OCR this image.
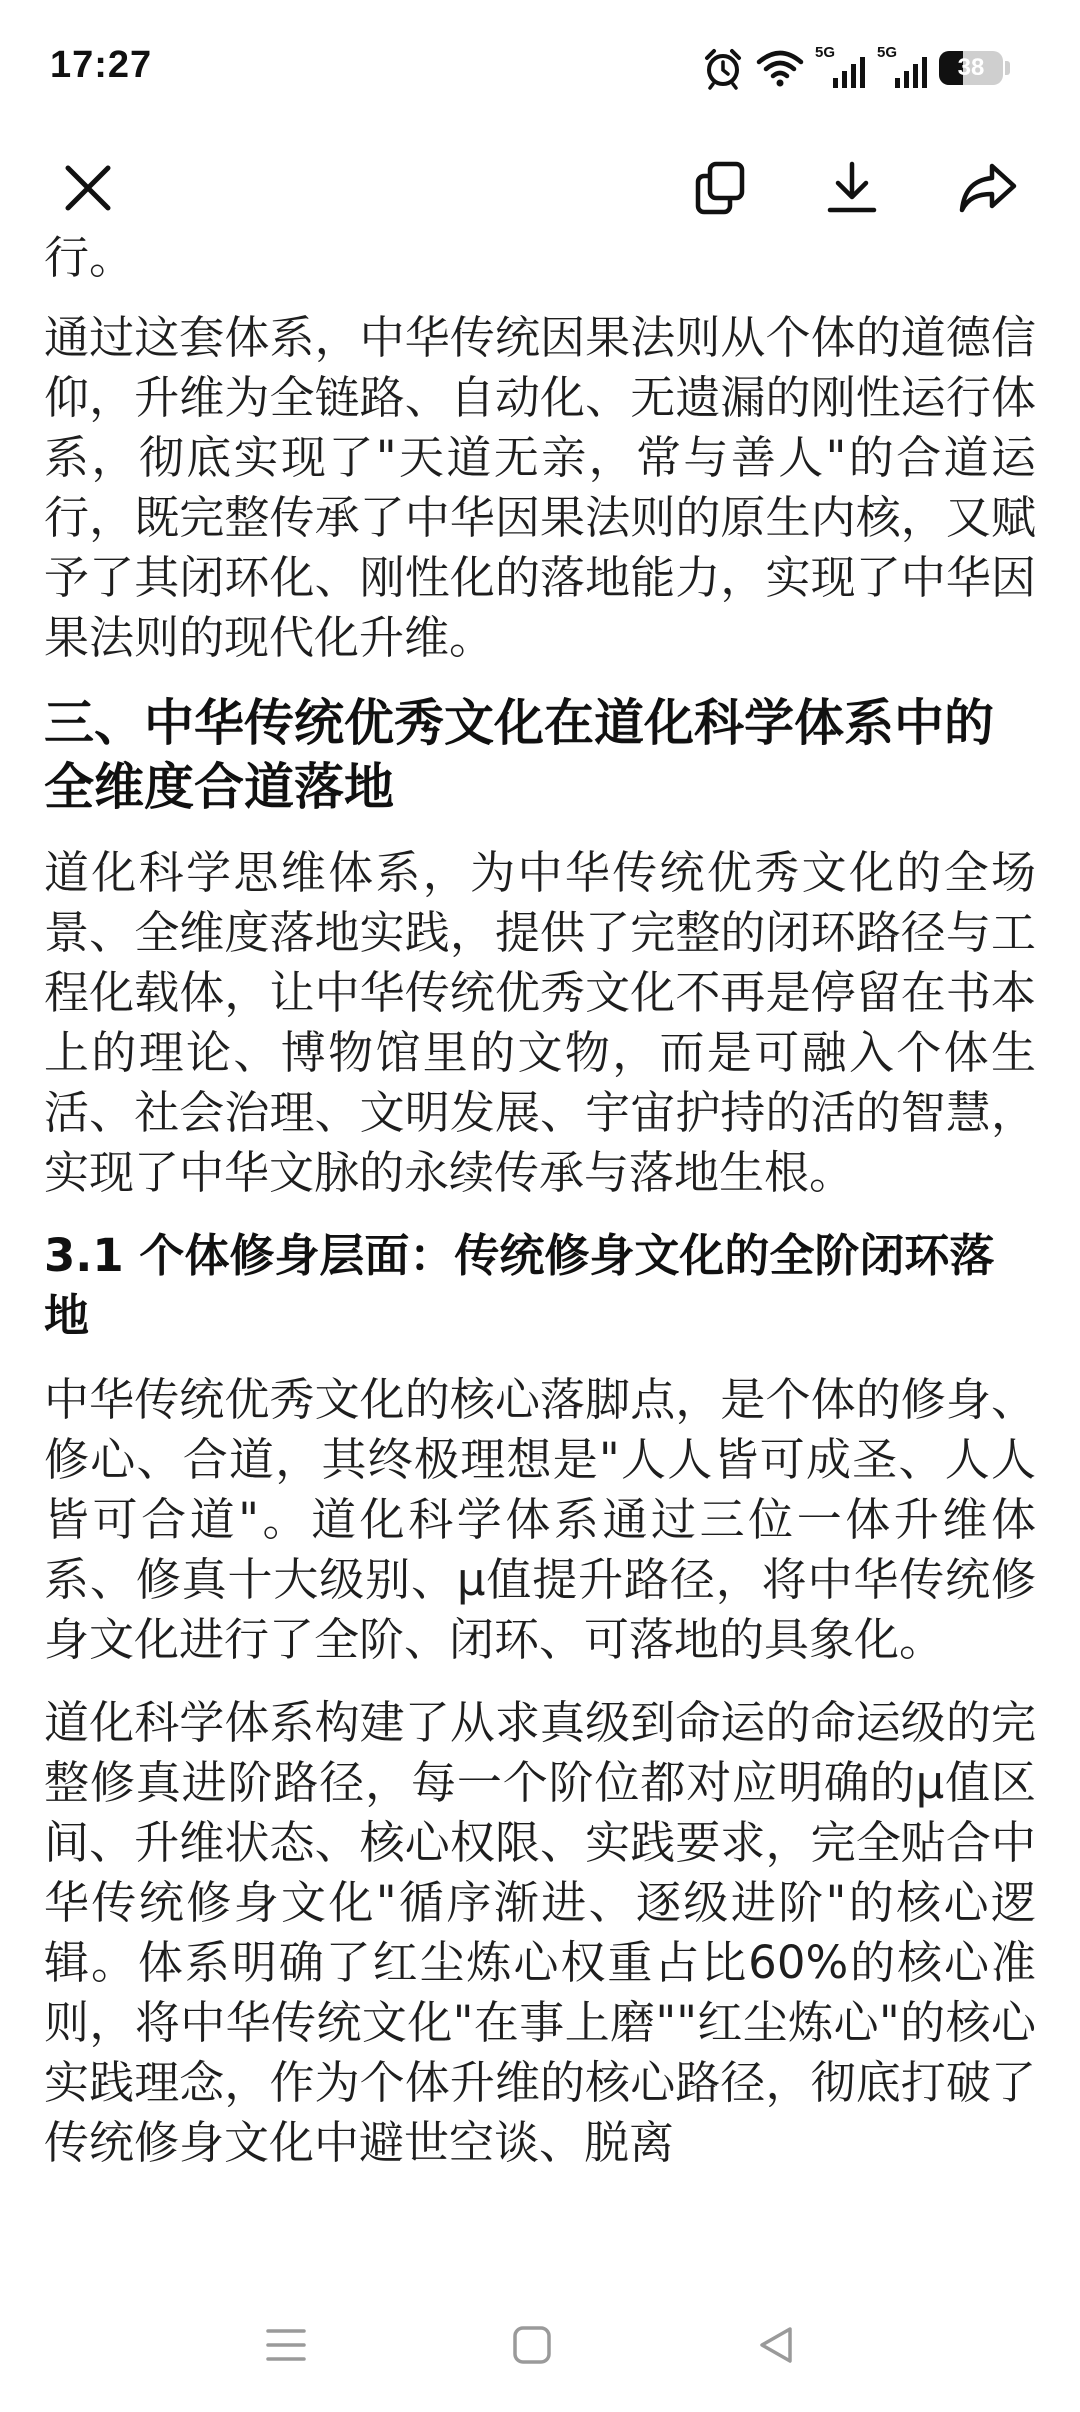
17:27	5G	5G
38

行。

通过这套体系，中华传统因果法则从个体的道德信仰，升维为全链路、自动化、无遗漏的刚性运行体系，彻底实现了"天道无亲，常与善人"的合道运行，既完整传承了中华因果法则的原生内核，又赋予了其闭环化、刚性化的落地能力，实现了中华因果法则的现代化升维。

三、中华传统优秀文化在道化科学体系中的全维度合道落地

道化科学思维体系，为中华传统优秀文化的全场景、全维度落地实践，提供了完整的闭环路径与工程化载体，让中华传统优秀文化不再是停留在书本上的理论、博物馆里的文物，而是可融入个体生活、社会治理、文明发展、宇宙护持的活的智慧，实现了中华文脉的永续传承与落地生根。

3.1 个体修身层面：传统修身文化的全阶闭环落地

中华传统优秀文化的核心落脚点，是个体的修身、修心、合道，其终极理想是"人人皆可成圣、人人皆可合道"。道化科学体系通过三位一体升维体系、修真十大级别、μ值提升路径，将中华传统修身文化进行了全阶、闭环、可落地的具象化。

道化科学体系构建了从求真级到命运的命运级的完整修真进阶路径，每一个阶位都对应明确的μ值区间、升维状态、核心权限、实践要求，完全贴合中华传统修身文化"循序渐进、逐级进阶"的核心逻辑。体系明确了红尘炼心权重占比60%的核心准则，将中华传统文化"在事上磨""红尘炼心"的核心实践理念，作为个体升维的核心路径，彻底打破了传统修身文化中避世空谈、脱离
